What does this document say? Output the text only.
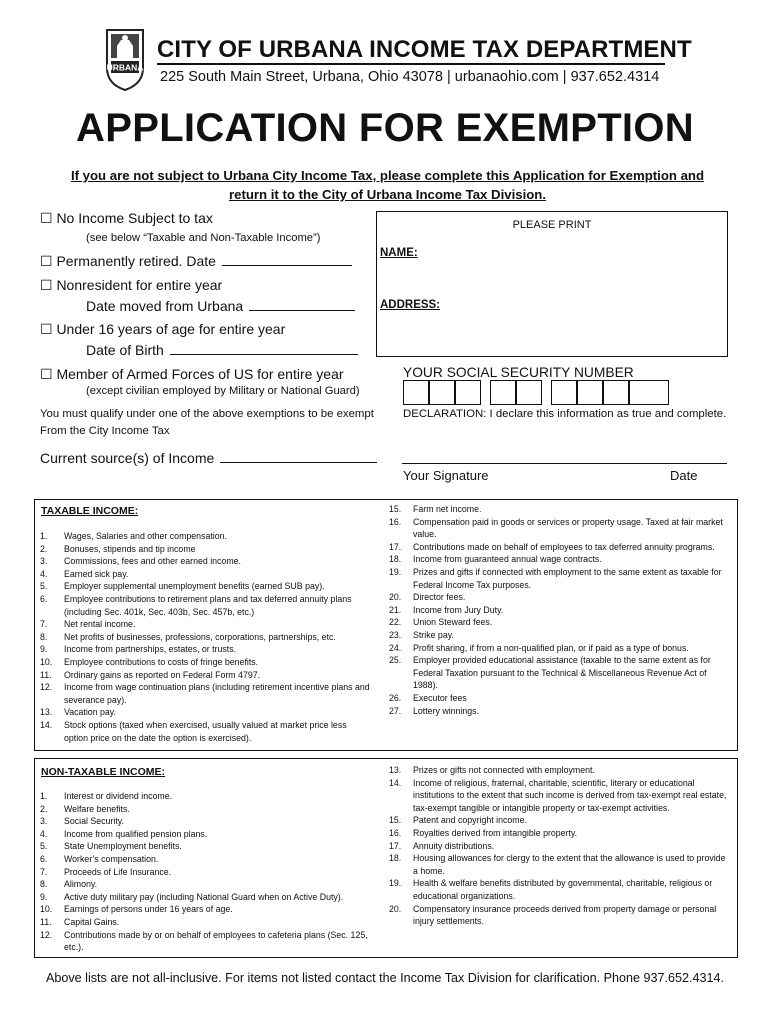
URBANA
CITY OF URBANA INCOME TAX DEPARTMENT
225 South Main Street, Urbana, Ohio 43078 | urbanaohio.com | 937.652.4314
APPLICATION FOR EXEMPTION
If you are not subject to Urbana City Income Tax, please complete this Application for Exemption and return it to the City of Urbana Income Tax Division.
☐ No Income Subject to tax
(see below “Taxable and Non-Taxable Income”)
☐ Permanently retired. Date
☐ Nonresident for entire year
Date moved from Urbana
☐ Under 16 years of age for entire year
Date of Birth
☐ Member of Armed Forces of US for entire year
(except civilian employed by Military or National Guard)
You must qualify under one of the above exemptions to be exempt From the City Income Tax
Current source(s) of Income
PLEASE PRINT
NAME:
ADDRESS:
YOUR SOCIAL SECURITY NUMBER
DECLARATION: I declare this information as true and complete.
Your Signature	Date
TAXABLE INCOME:
1.	Wages, Salaries and other compensation.
2.	Bonuses, stipends and tip income
3.	Commissions, fees and other earned income.
4.	Earned sick pay.
5.	Employer supplemental unemployment benefits (earned SUB pay).
6.	Employee contributions to retirement plans and tax deferred annuity plans (including Sec. 401k, Sec. 403b, Sec. 457b, etc.)
7.	Net rental income.
8.	Net profits of businesses, professions, corporations, partnerships, etc.
9.	Income from partnerships, estates, or trusts.
10.	Employee contributions to costs of fringe benefits.
11.	Ordinary gains as reported on Federal Form 4797.
12.	Income from wage continuation plans (including retirement incentive plans and severance pay).
13.	Vacation pay.
14.	Stock options (taxed when exercised, usually valued at market price less option price on the date the option is exercised).
15.	Farm net income.
16.	Compensation paid in goods or services or property usage. Taxed at fair market value.
17.	Contributions made on behalf of employees to tax deferred annuity programs.
18.	Income from guaranteed annual wage contracts.
19.	Prizes and gifts if connected with employment to the same extent as taxable for Federal Income Tax purposes.
20.	Director fees.
21.	Income from Jury Duty.
22.	Union Steward fees.
23.	Strike pay.
24.	Profit sharing, if from a non-qualified plan, or if paid as a type of bonus.
25.	Employer provided educational assistance (taxable to the same extent as for Federal Taxation pursuant to the Technical & Miscellaneous Revenue Act of 1988).
26.	Executor fees
27.	Lottery winnings.
NON-TAXABLE INCOME:
1.	Interest or dividend income.
2.	Welfare benefits.
3.	Social Security.
4.	Income from qualified pension plans.
5.	State Unemployment benefits.
6.	Worker’s compensation.
7.	Proceeds of Life Insurance.
8.	Alimony.
9.	Active duty military pay (including National Guard when on Active Duty).
10.	Earnings of persons under 16 years of age.
11.	Capital Gains.
12.	Contributions made by or on behalf of employees to cafeteria plans (Sec. 125, etc.).
13.	Prizes or gifts not connected with employment.
14.	Income of religious, fraternal, charitable, scientific, literary or educational institutions to the extent that such income is derived from tax-exempt real estate, tax-exempt tangible or intangible property or tax-exempt activities.
15.	Patent and copyright income.
16.	Royalties derived from intangible property.
17.	Annuity distributions.
18.	Housing allowances for clergy to the extent that the allowance is used to provide a home.
19.	Health & welfare benefits distributed by governmental, charitable, religious or educational organizations.
20.	Compensatory insurance proceeds derived from property damage or personal injury settlements.
Above lists are not all-inclusive. For items not listed contact the Income Tax Division for clarification. Phone 937.652.4314.
